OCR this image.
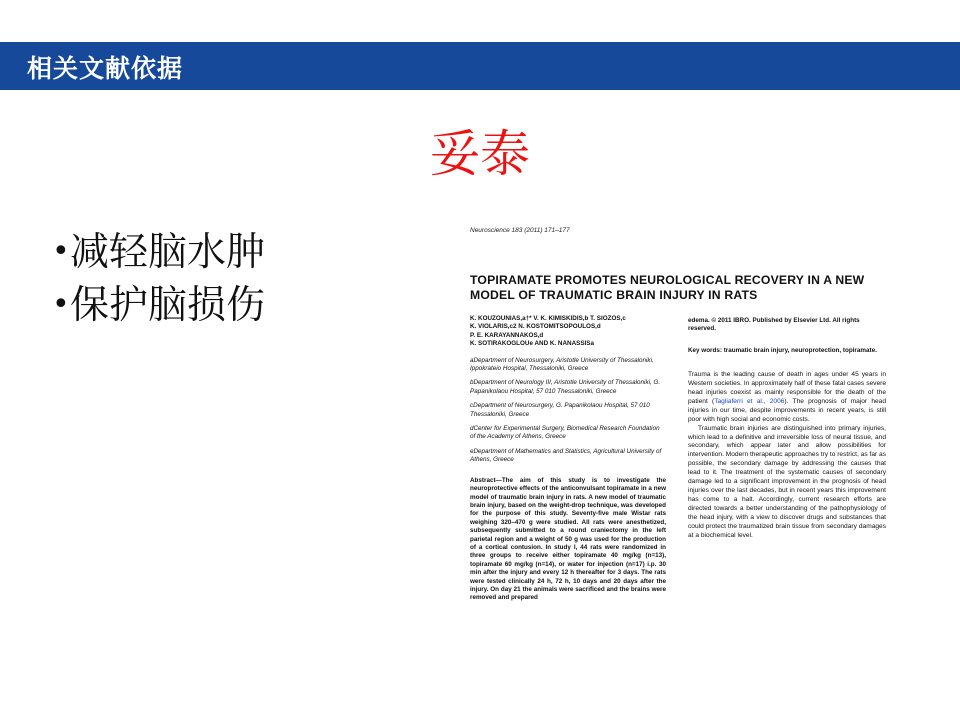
相关文献依据
妥泰
•减轻脑水肿
•保护脑损伤
Neuroscience 183 (2011) 171–177
TOPIRAMATE PROMOTES NEUROLOGICAL RECOVERY IN A NEW
MODEL OF TRAUMATIC BRAIN INJURY IN RATS
K. KOUZOUNIAS,a†* V. K. KIMISKIDIS,b T. SIOZOS,c
K. VIOLARIS,c2 N. KOSTOMITSOPOULOS,d
P. E. KARAYANNAKOS,d
K. SOTIRAKOGLOUe AND K. NANASSISa
aDepartment of Neurosurgery, Aristotle University of Thessaloniki, Ippokrateio Hospital, Thessaloniki, Greece
bDepartment of Neurology III, Aristotle University of Thessaloniki, G. Papanikolaou Hospital, 57 010 Thessaloniki, Greece
cDepartment of Neurosurgery, G. Papanikolaou Hospital, 57 010 Thessaloniki, Greece
dCenter for Experimental Surgery, Biomedical Research Foundation of the Academy of Athens, Greece
eDepartment of Mathematics and Statistics, Agricultural University of Athens, Greece
Abstract—The aim of this study is to investigate the neuroprotective effects of the anticonvulsant topiramate in a new model of traumatic brain injury in rats. A new model of traumatic brain injury, based on the weight-drop technique, was developed for the purpose of this study. Seventy-five male Wistar rats weighing 320–470 g were studied. All rats were anesthetized, subsequently submitted to a round craniectomy in the left parietal region and a weight of 50 g was used for the production of a cortical contusion. In study I, 44 rats were randomized in three groups to receive either topiramate 40 mg/kg (n=13), topiramate 60 mg/kg (n=14), or water for injection (n=17) i.p. 30 min after the injury and every 12 h thereafter for 3 days. The rats were tested clinically 24 h, 72 h, 10 days and 20 days after the injury. On day 21 the animals were sacrificed and the brains were removed and prepared
edema. © 2011 IBRO. Published by Elsevier Ltd. All rights reserved.
Key words: traumatic brain injury, neuroprotection, topiramate.

Trauma is the leading cause of death in ages under 45 years in Western societies. In approximately half of these fatal cases severe head injuries coexist as mainly responsible for the death of the patient (Tagliaferri et al., 2006). The prognosis of major head injuries in our time, despite improvements in recent years, is still poor with high social and economic costs.

Traumatic brain injuries are distinguished into primary injuries, which lead to a definitive and irreversible loss of neural tissue, and secondary, which appear later and allow possibilities for intervention. Modern therapeutic approaches try to restrict, as far as possible, the secondary damage by addressing the causes that lead to it. The treatment of the systematic causes of secondary damage led to a significant improvement in the prognosis of head injuries over the last decades, but in recent years this improvement has come to a halt. Accordingly, current research efforts are directed towards a better understanding of the pathophysiology of the head injury, with a view to discover drugs and substances that could protect the traumatized brain tissue from secondary damages at a biochemical level.
